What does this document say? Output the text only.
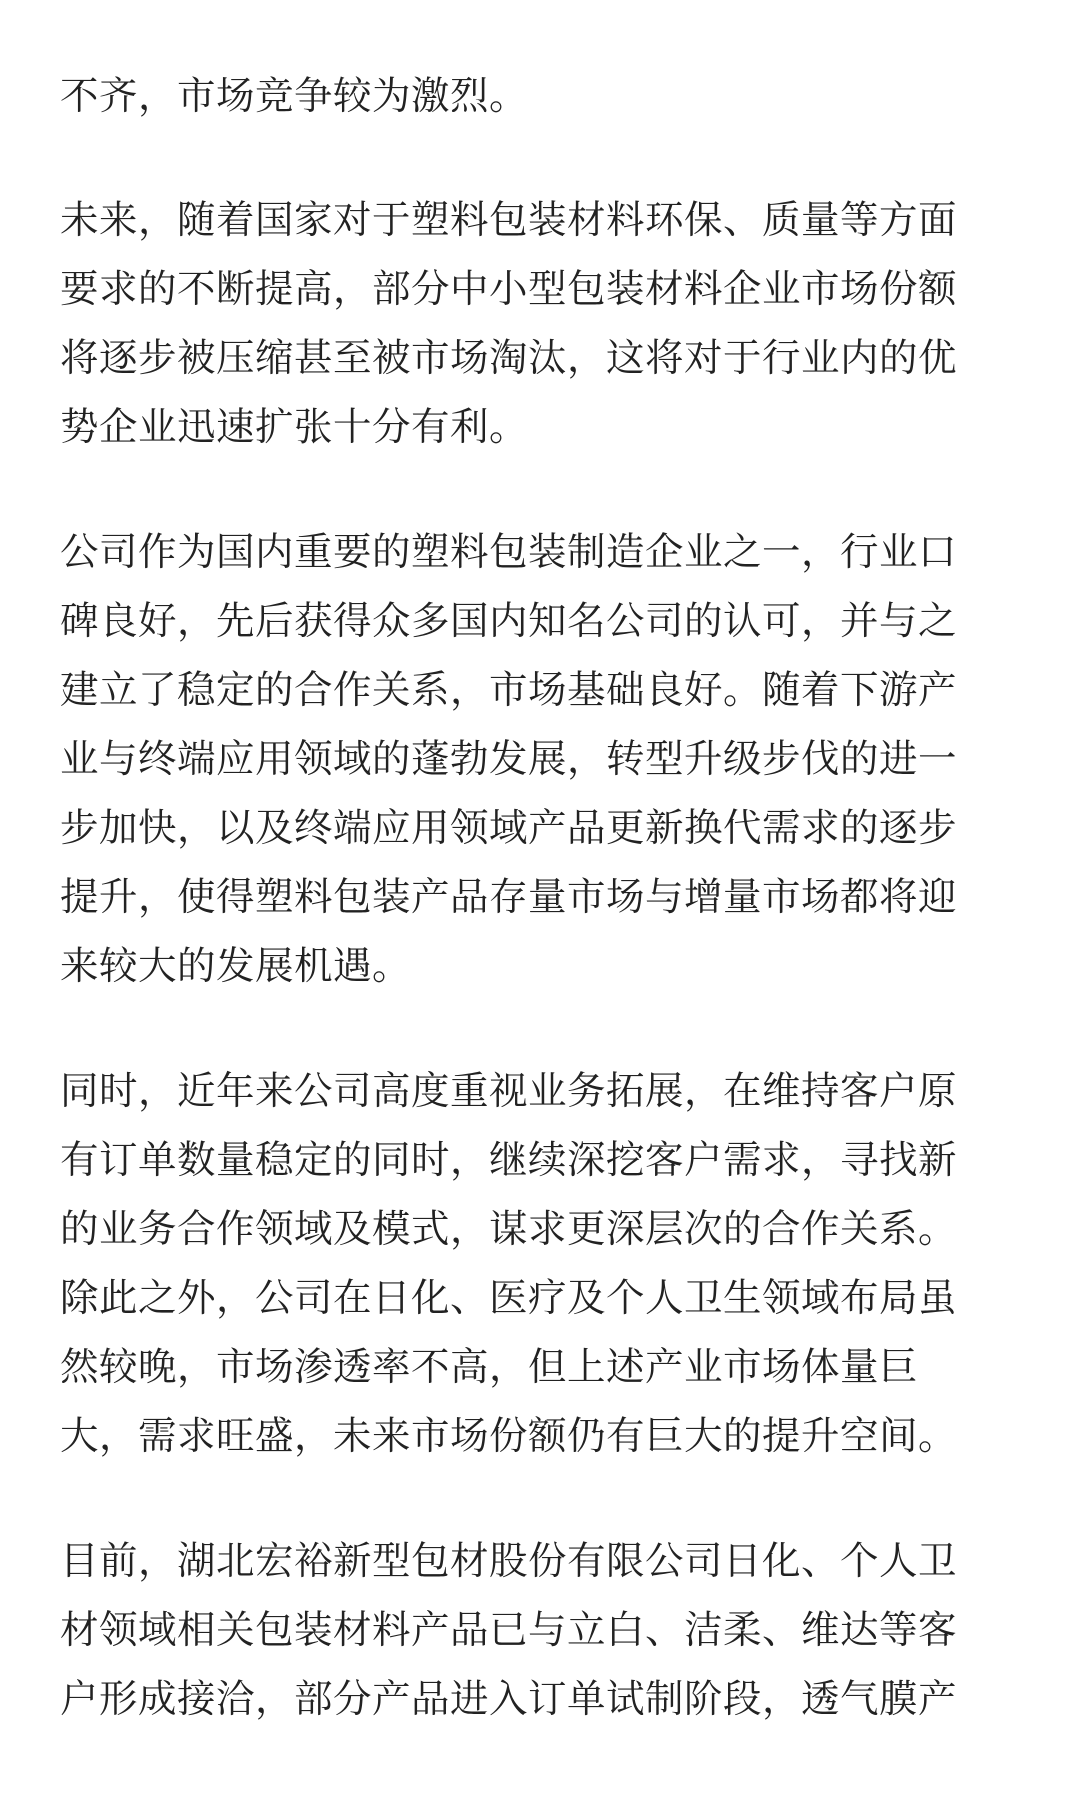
不齐，市场竞争较为激烈。
未来，随着国家对于塑料包装材料环保、质量等方面
要求的不断提高，部分中小型包装材料企业市场份额
将逐步被压缩甚至被市场淘汰，这将对于行业内的优
势企业迅速扩张十分有利。
公司作为国内重要的塑料包装制造企业之一，行业口
碑良好，先后获得众多国内知名公司的认可，并与之
建立了稳定的合作关系，市场基础良好。随着下游产
业与终端应用领域的蓬勃发展，转型升级步伐的进一
步加快，以及终端应用领域产品更新换代需求的逐步
提升，使得塑料包装产品存量市场与增量市场都将迎
来较大的发展机遇。
同时，近年来公司高度重视业务拓展，在维持客户原
有订单数量稳定的同时，继续深挖客户需求，寻找新
的业务合作领域及模式，谋求更深层次的合作关系。
除此之外，公司在日化、医疗及个人卫生领域布局虽
然较晚，市场渗透率不高，但上述产业市场体量巨
大，需求旺盛，未来市场份额仍有巨大的提升空间。
目前，湖北宏裕新型包材股份有限公司日化、个人卫
材领域相关包装材料产品已与立白、洁柔、维达等客
户形成接洽，部分产品进入订单试制阶段，透气膜产
